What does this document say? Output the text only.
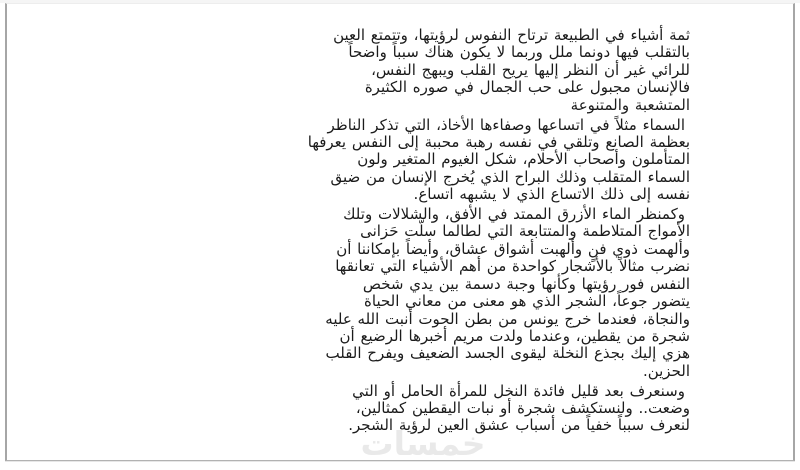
ثمة أشياء في الطبيعة ترتاح النفوس لرؤيتها، وتتمتع العين
بالتقلب فيها دونما ملل وربما لا يكون هناك سبباً واضحاً
للرائي غير أن النظر إليها يريح القلب ويبهج النفس،
فالإنسان مجبول على حب الجمال في صوره الكثيرة
المتشعبة والمتنوعة
السماء مثلاً في اتساعها وصفاءها الأخاذ، التي تذكر الناظر
بعظمة الصانع وتلقي في نفسه رهبة محببة إلى النفس يعرفها
المتأملون وأصحاب الأحلام، شكل الغيوم المتغير ولون
السماء المتقلب وذلك البراح الذي يُخرج الإنسان من ضيق
نفسه إلى ذلك الاتساع الذي لا يشبهه اتساع.
وكمنظر الماء الأزرق الممتد في الأفق، والشلالات وتلك
الأمواج المتلاطمة والمتتابعة التي لطالما سلّت حَزانى
وألهمت ذوي فنٍ وألهبت أشواق عشاق، وأيضاً بإمكاننا أن
نضرب مثالاً بالأشجار كواحدة من أهم الأشياء التي تعانقها
النفس فور رؤيتها وكأنها وجبة دسمة بين يدي شخص
يتضور جوعاً، الشجر الذي هو معنى من معاني الحياة
والنجاة، فعندما خرج يونس من بطن الحوت أنبت الله عليه
شجرة من يقطين، وعندما ولدت مريم أخبرها الرضيع أن
هزي إليك بجذع النخلة ليقوى الجسد الضعيف ويفرح القلب
الحزين.
وسنعرف بعد قليل فائدة النخل للمرأة الحامل أو التي
وضعت.. ولنستكشف شجرة أو نبات اليقطين كمثالين،
لنعرف سبباً خفياً من أسباب عشق العين لرؤية الشجر.
خمسات
